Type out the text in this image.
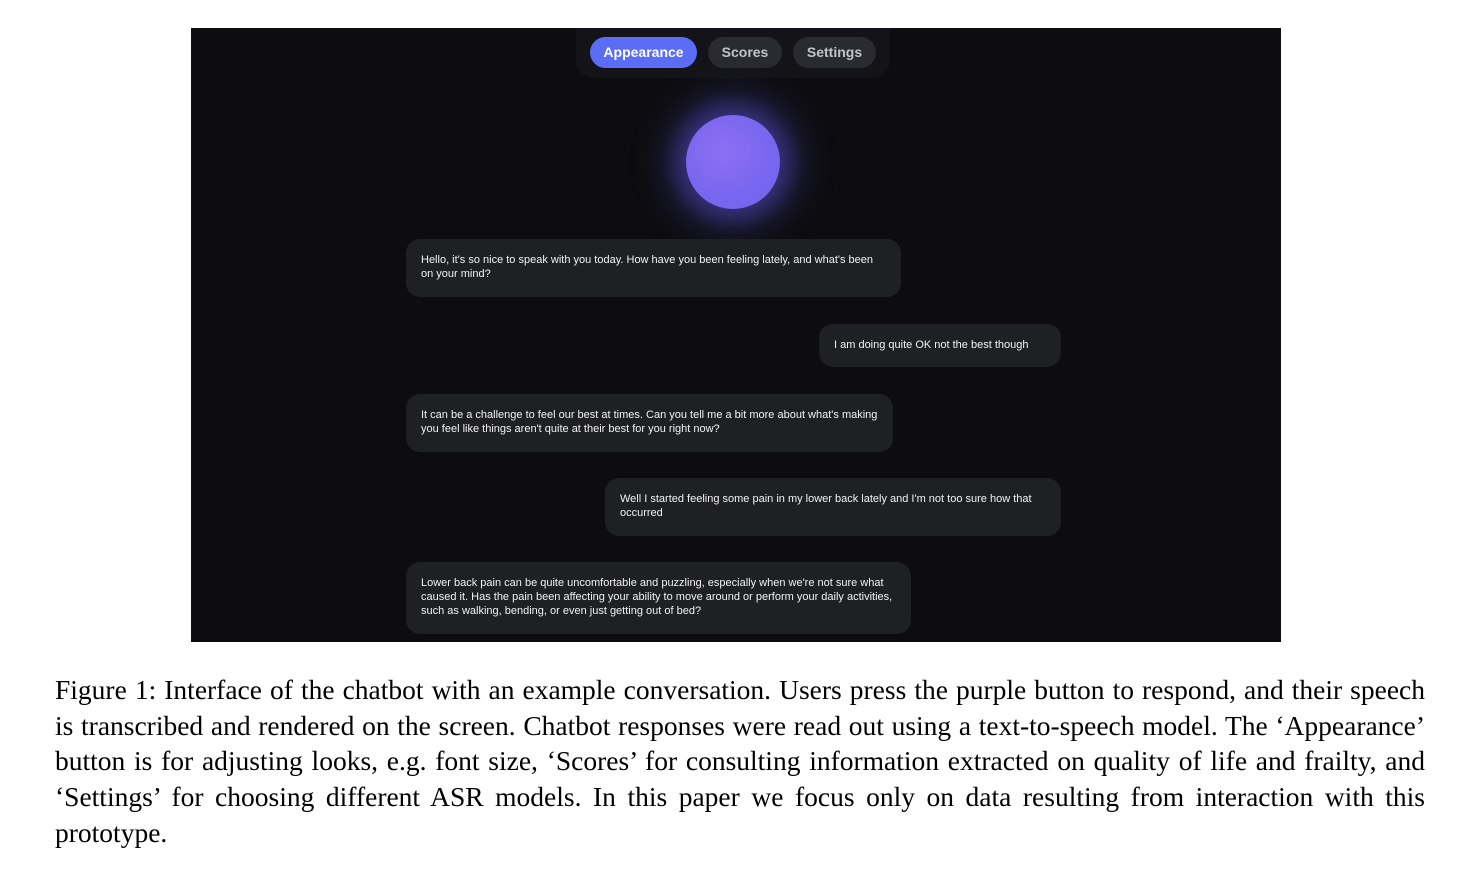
Appearance	Scores	Settings
Hello, it's so nice to speak with you today. How have you been feeling lately, and what's been on your mind?
I am doing quite OK not the best though
It can be a challenge to feel our best at times. Can you tell me a bit more about what's making you feel like things aren't quite at their best for you right now?
Well I started feeling some pain in my lower back lately and I'm not too sure how that occurred
Lower back pain can be quite uncomfortable and puzzling, especially when we're not sure what caused it. Has the pain been affecting your ability to move around or perform your daily activities, such as walking, bending, or even just getting out of bed?
Figure 1: Interface of the chatbot with an example conversation. Users press the purple button to respond, and their speech is transcribed and rendered on the screen. Chatbot responses were read out using a text-to-speech model. The ‘Appearance’ button is for adjusting looks, e.g. font size, ‘Scores’ for consulting information extracted on quality of life and frailty, and ‘Settings’ for choosing different ASR models. In this paper we focus only on data resulting from interaction with this prototype.
